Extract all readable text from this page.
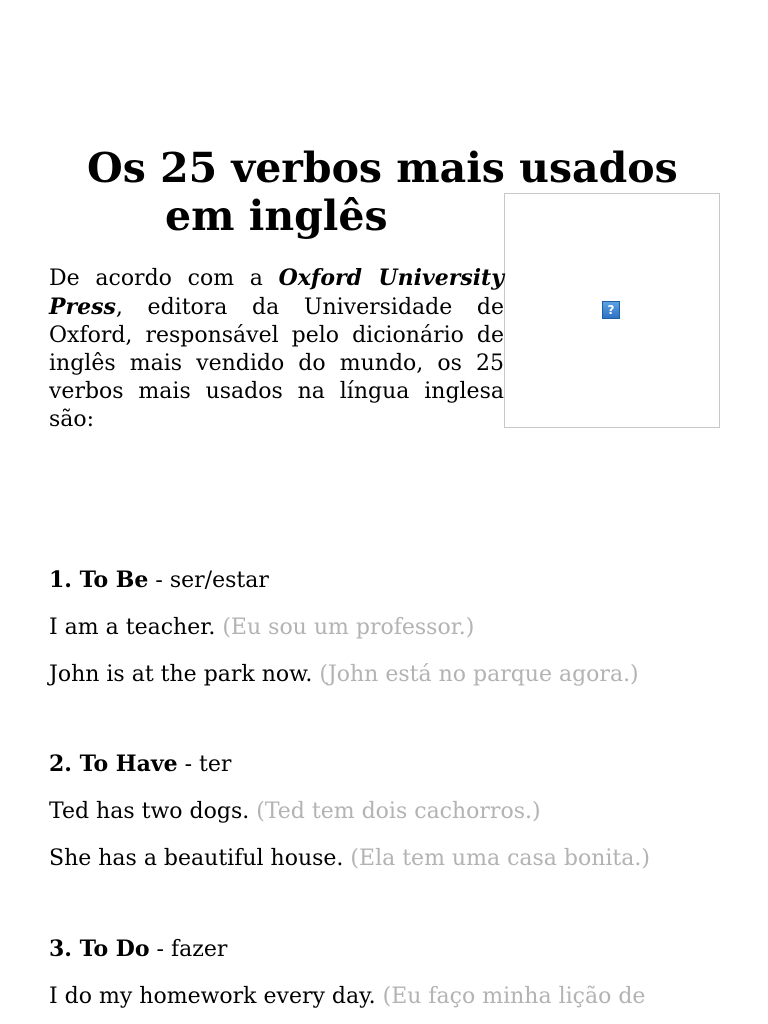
Os 25 verbos mais usados
em inglês
?

De acordo com a Oxford University Press, editora da Universidade de Oxford, responsável pelo dicionário de inglês mais vendido do mundo, os 25 verbos mais usados na língua inglesa são:

1. To Be - ser/estar
I am a teacher. (Eu sou um professor.)
John is at the park now. (John está no parque agora.)
2. To Have - ter
Ted has two dogs. (Ted tem dois cachorros.)
She has a beautiful house. (Ela tem uma casa bonita.)
3. To Do - fazer
I do my homework every day. (Eu faço minha lição de
